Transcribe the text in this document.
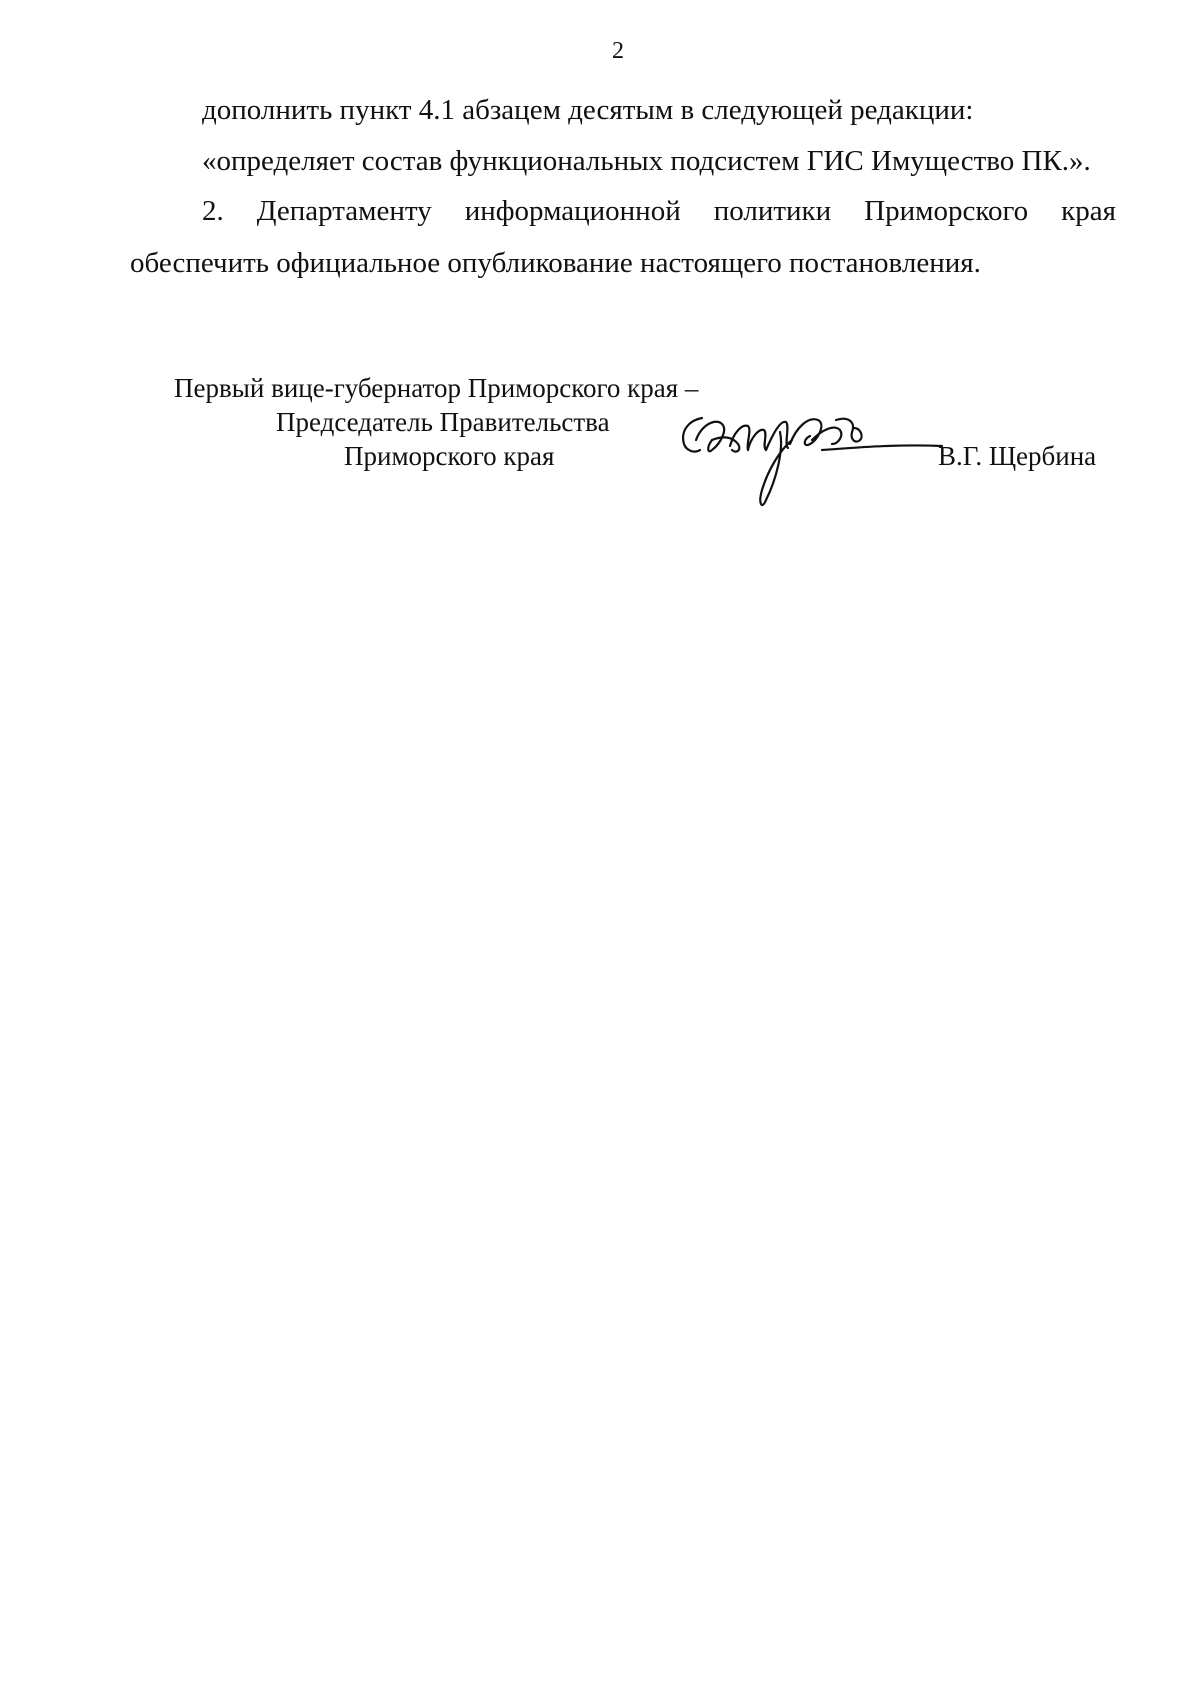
2
дополнить пункт 4.1 абзацем десятым в следующей редакции:
«определяет состав функциональных подсистем ГИС Имущество ПК.».
2. Департаменту информационной политики Приморского края
обеспечить официальное опубликование настоящего постановления.
Первый вице-губернатор Приморского края –
Председатель Правительства
Приморского края	В.Г. Щербина
